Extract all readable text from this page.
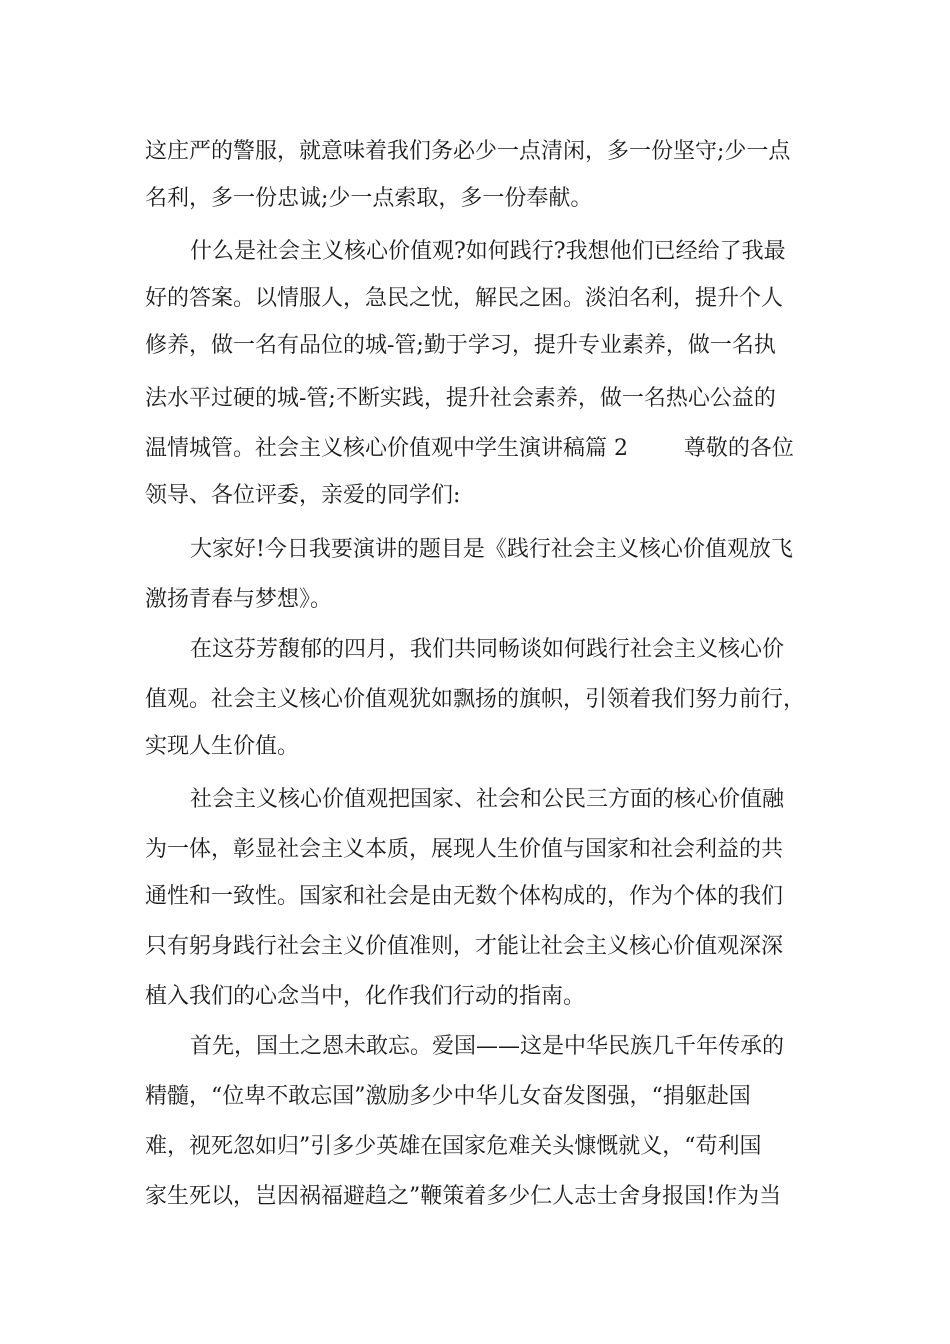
这庄严的警服，就意味着我们务必少一点清闲，多一份坚守;少一点
名利，多一份忠诚;少一点索取，多一份奉献。
什么是社会主义核心价值观?如何践行?我想他们已经给了我最
好的答案。以情服人，急民之忧，解民之困。淡泊名利，提升个人
修养，做一名有品位的城-管;勤于学习，提升专业素养，做一名执
法水平过硬的城-管;不断实践，提升社会素养，做一名热心公益的
温情城管。社会主义核心价值观中学生演讲稿篇 2        尊敬的各位
领导、各位评委，亲爱的同学们:
大家好!今日我要演讲的题目是《践行社会主义核心价值观放飞
激扬青春与梦想》。
在这芬芳馥郁的四月，我们共同畅谈如何践行社会主义核心价
值观。社会主义核心价值观犹如飘扬的旗帜，引领着我们努力前行，
实现人生价值。
社会主义核心价值观把国家、社会和公民三方面的核心价值融
为一体，彰显社会主义本质，展现人生价值与国家和社会利益的共
通性和一致性。国家和社会是由无数个体构成的，作为个体的我们
只有躬身践行社会主义价值准则，才能让社会主义核心价值观深深
植入我们的心念当中，化作我们行动的指南。
首先，国土之恩未敢忘。爱国——这是中华民族几千年传承的
精髓，“位卑不敢忘国”激励多少中华儿女奋发图强，“捐躯赴国
难，视死忽如归”引多少英雄在国家危难关头慷慨就义，“苟利国
家生死以，岂因祸福避趋之”鞭策着多少仁人志士舍身报国!作为当
